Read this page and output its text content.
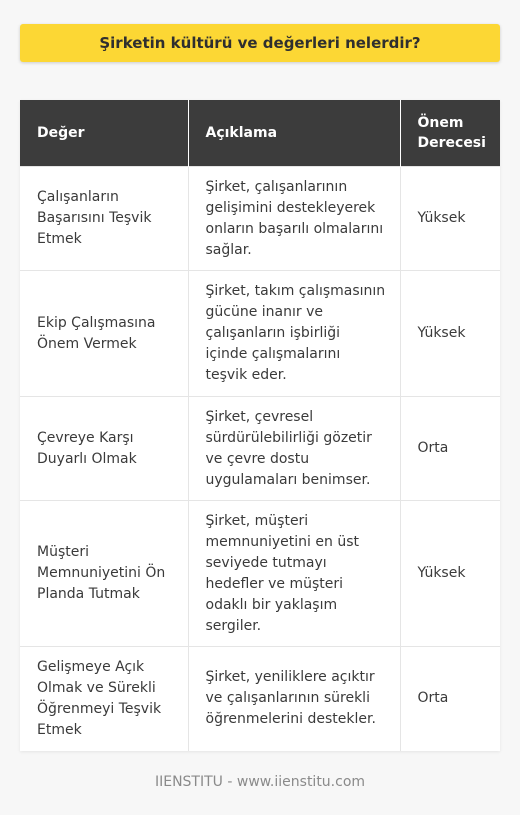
Şirketin kültürü ve değerleri nelerdir?
Değer	Açıklama	Önem
Derecesi
Çalışanların Başarısını Teşvik Etmek	Şirket, çalışanlarının gelişimini destekleyerek onların başarılı olmalarını sağlar.	Yüksek
Ekip Çalışmasına Önem Vermek	Şirket, takım çalışmasının gücüne inanır ve çalışanların işbirliği içinde çalışmalarını teşvik eder.	Yüksek
Çevreye Karşı Duyarlı Olmak	Şirket, çevresel sürdürülebilirliği gözetir ve çevre dostu uygulamaları benimser.	Orta
Müşteri Memnuniyetini Ön Planda Tutmak	Şirket, müşteri memnuniyetini en üst seviyede tutmayı hedefler ve müşteri odaklı bir yaklaşım sergiler.	Yüksek
Gelişmeye Açık Olmak ve Sürekli Öğrenmeyi Teşvik Etmek	Şirket, yeniliklere açıktır ve çalışanlarının sürekli öğrenmelerini destekler.	Orta
IIENSTITU - www.iienstitu.com
